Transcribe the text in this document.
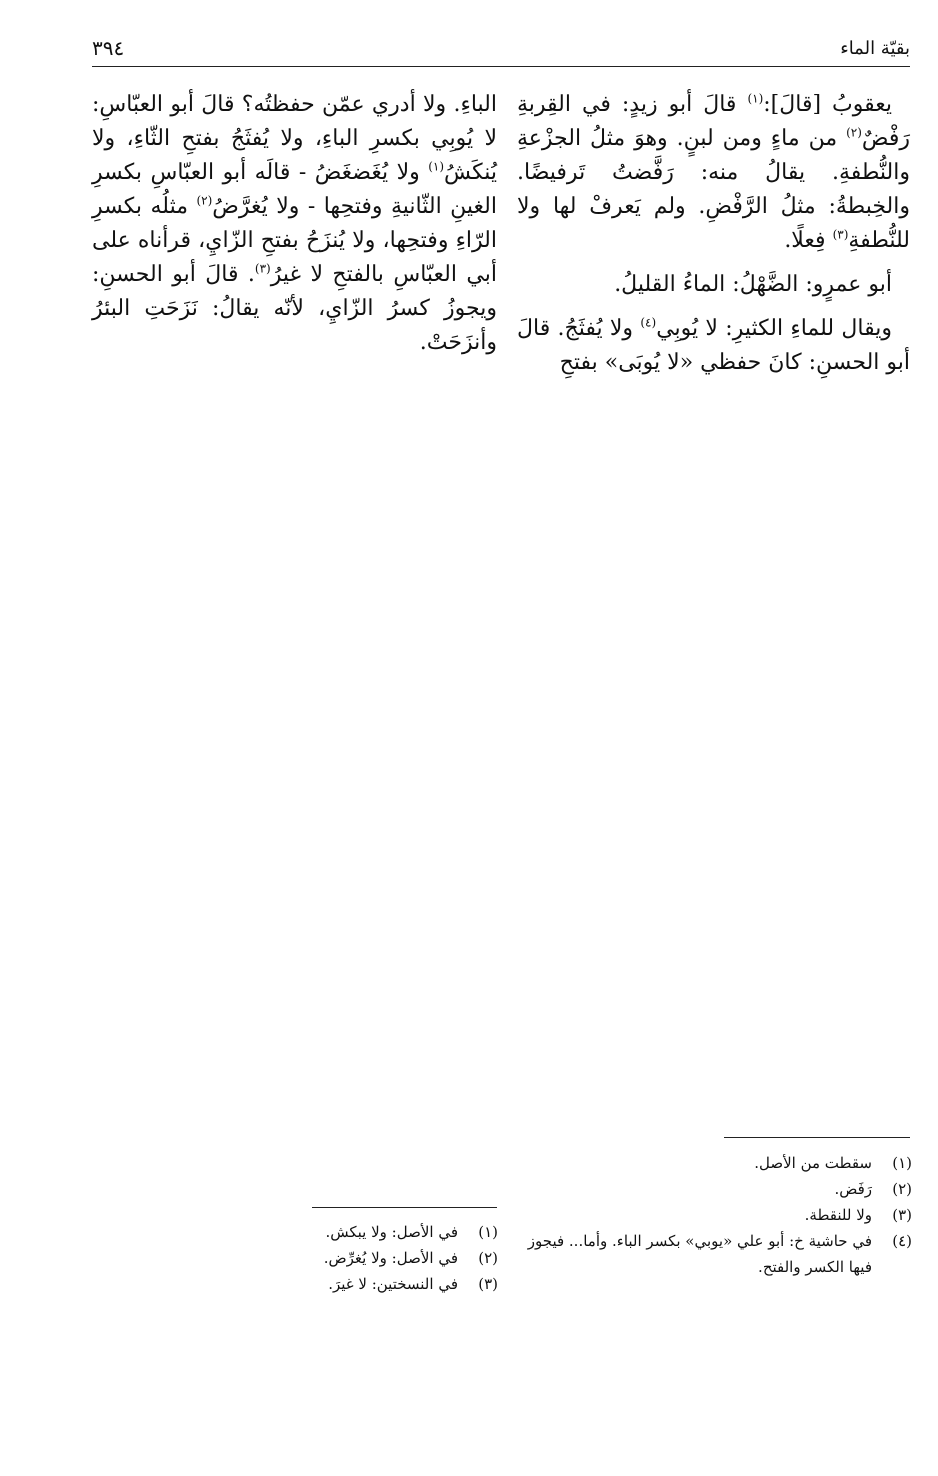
بقيّة الماء
٣٩٤

يعقوبُ [قالَ]:$^{(١)}$ قالَ أبو زيدٍ: في القِربةِ رَفْضٌ$^{(٢)}$ من ماءٍ ومن لبنٍ. وهوَ مثلُ الجزْعةِ والنُّطفةِ. يقالُ منه: رَفَّضتُ تَرفيضًا. والخِبطةُ: مثلُ الرَّفْضِ. ولم يَعرفْ لها ولا للنُّطفةِ$^{(٣)}$ فِعلًا.

أبو عمرٍو: الضَّهْلُ: الماءُ القليلُ.

ويقال للماءِ الكثيرِ: لا يُوبِي$^{(٤)}$ ولا يُفثَجُ. قالَ أبو الحسنِ: كانَ حفظي «لا يُوبَى» بفتحِ

الباءِ. ولا أدري عمّن حفظتُه؟ قالَ أبو العبّاسِ: لا يُوبِي بكسرِ الباءِ، ولا يُفثَجُ بفتحِ الثّاءِ، ولا يُنكَشُ$^{(١)}$ ولا يُغَضغَضُ - قالَه أبو العبّاسِ بكسرِ الغينِ الثّانيةِ وفتحِها - ولا يُغرَّضُ$^{(٢)}$ مثلُه بكسرِ الرّاءِ وفتحِها، ولا يُنزَحُ بفتحِ الزّايِ، قرأناه على أبي العبّاسِ بالفتحِ لا غيرُ$^{(٣)}$. قالَ أبو الحسنِ: ويجوزُ كسرُ الزّايِ، لأنّه يقالُ: نَزَحَتِ البئرُ وأنزَحَتْ.

(١)
سقطت من الأصل.
(٢)
رَفَض.
(٣)
ولا للنقطة.
(٤)
في حاشية خ: أبو علي «يوبي» بكسر الباء. وأما... فيجوز فيها الكسر والفتح.
(١)
في الأصل: ولا يبكش.
(٢)
في الأصل: ولا يُغرِّض.
(٣)
في النسختين: لا غيرَ.
